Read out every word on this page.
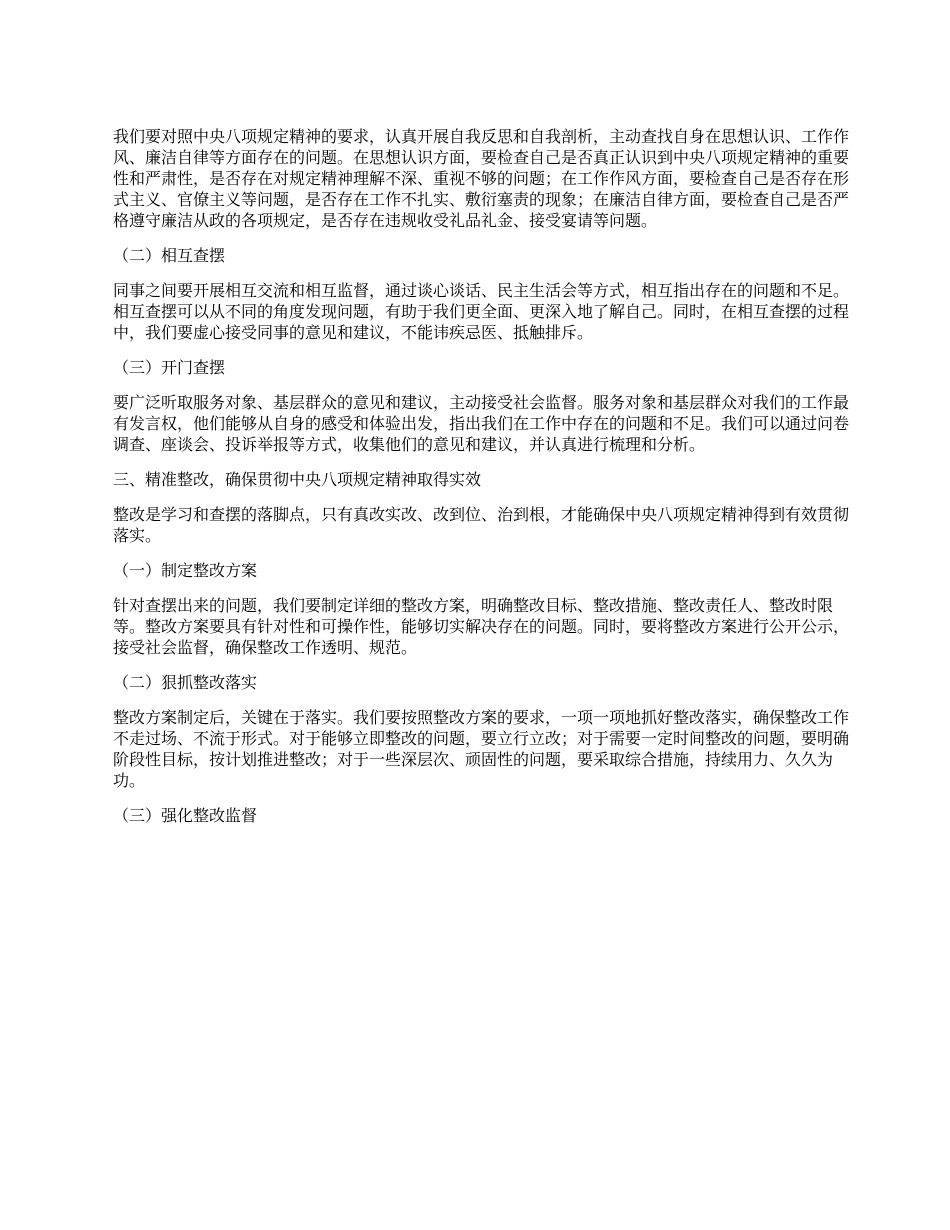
我们要对照中央八项规定精神的要求，认真开展自我反思和自我剖析，主动查找自身在思想认识、工作作风、廉洁自律等方面存在的问题。在思想认识方面，要检查自己是否真正认识到中央八项规定精神的重要性和严肃性，是否存在对规定精神理解不深、重视不够的问题；在工作作风方面，要检查自己是否存在形式主义、官僚主义等问题，是否存在工作不扎实、敷衍塞责的现象；在廉洁自律方面，要检查自己是否严格遵守廉洁从政的各项规定，是否存在违规收受礼品礼金、接受宴请等问题。

（二）相互查摆

同事之间要开展相互交流和相互监督，通过谈心谈话、民主生活会等方式，相互指出存在的问题和不足。相互查摆可以从不同的角度发现问题，有助于我们更全面、更深入地了解自己。同时，在相互查摆的过程中，我们要虚心接受同事的意见和建议，不能讳疾忌医、抵触排斥。

（三）开门查摆

要广泛听取服务对象、基层群众的意见和建议，主动接受社会监督。服务对象和基层群众对我们的工作最有发言权，他们能够从自身的感受和体验出发，指出我们在工作中存在的问题和不足。我们可以通过问卷调查、座谈会、投诉举报等方式，收集他们的意见和建议，并认真进行梳理和分析。

三、精准整改，确保贯彻中央八项规定精神取得实效

整改是学习和查摆的落脚点，只有真改实改、改到位、治到根，才能确保中央八项规定精神得到有效贯彻落实。

（一）制定整改方案

针对查摆出来的问题，我们要制定详细的整改方案，明确整改目标、整改措施、整改责任人、整改时限等。整改方案要具有针对性和可操作性，能够切实解决存在的问题。同时，要将整改方案进行公开公示，接受社会监督，确保整改工作透明、规范。

（二）狠抓整改落实

整改方案制定后，关键在于落实。我们要按照整改方案的要求，一项一项地抓好整改落实，确保整改工作不走过场、不流于形式。对于能够立即整改的问题，要立行立改；对于需要一定时间整改的问题，要明确阶段性目标，按计划推进整改；对于一些深层次、顽固性的问题，要采取综合措施，持续用力、久久为功。

（三）强化整改监督
